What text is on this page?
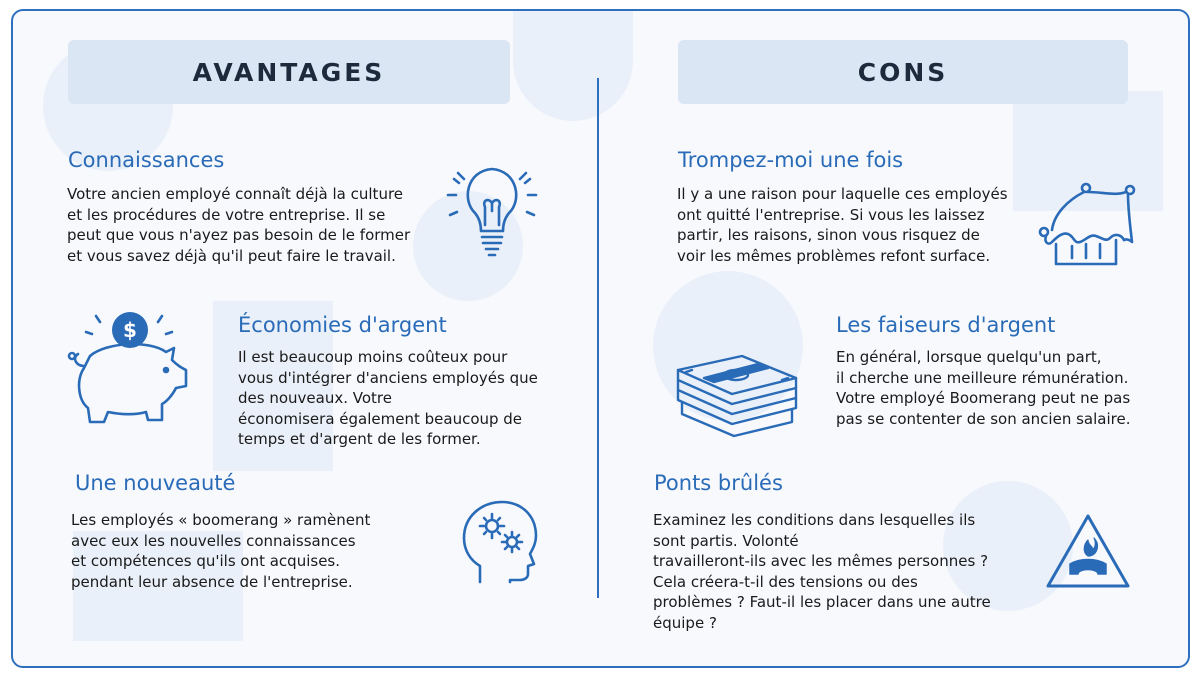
AVANTAGES	CONS
Connaissances

Votre ancien employé connaît déjà la culture

et les procédures de votre entreprise. Il se

peut que vous n'ayez pas besoin de le former

et vous savez déjà qu'il peut faire le travail.

Économies d'argent

Il est beaucoup moins coûteux pour

vous d'intégrer d'anciens employés que

des nouveaux. Votre

économisera également beaucoup de

temps et d'argent de les former.

$
Une nouveauté

Les employés « boomerang » ramènent

avec eux les nouvelles connaissances

et compétences qu'ils ont acquises.

pendant leur absence de l'entreprise.

Trompez-moi une fois

Il y a une raison pour laquelle ces employés

ont quitté l'entreprise. Si vous les laissez

partir, les raisons, sinon vous risquez de

voir les mêmes problèmes refont surface.

Les faiseurs d'argent

En général, lorsque quelqu'un part,

il cherche une meilleure rémunération.

Votre employé Boomerang peut ne pas

pas se contenter de son ancien salaire.

Ponts brûlés

Examinez les conditions dans lesquelles ils

sont partis. Volonté

travailleront-ils avec les mêmes personnes ?

Cela créera-t-il des tensions ou des

problèmes ? Faut-il les placer dans une autre

équipe ?
